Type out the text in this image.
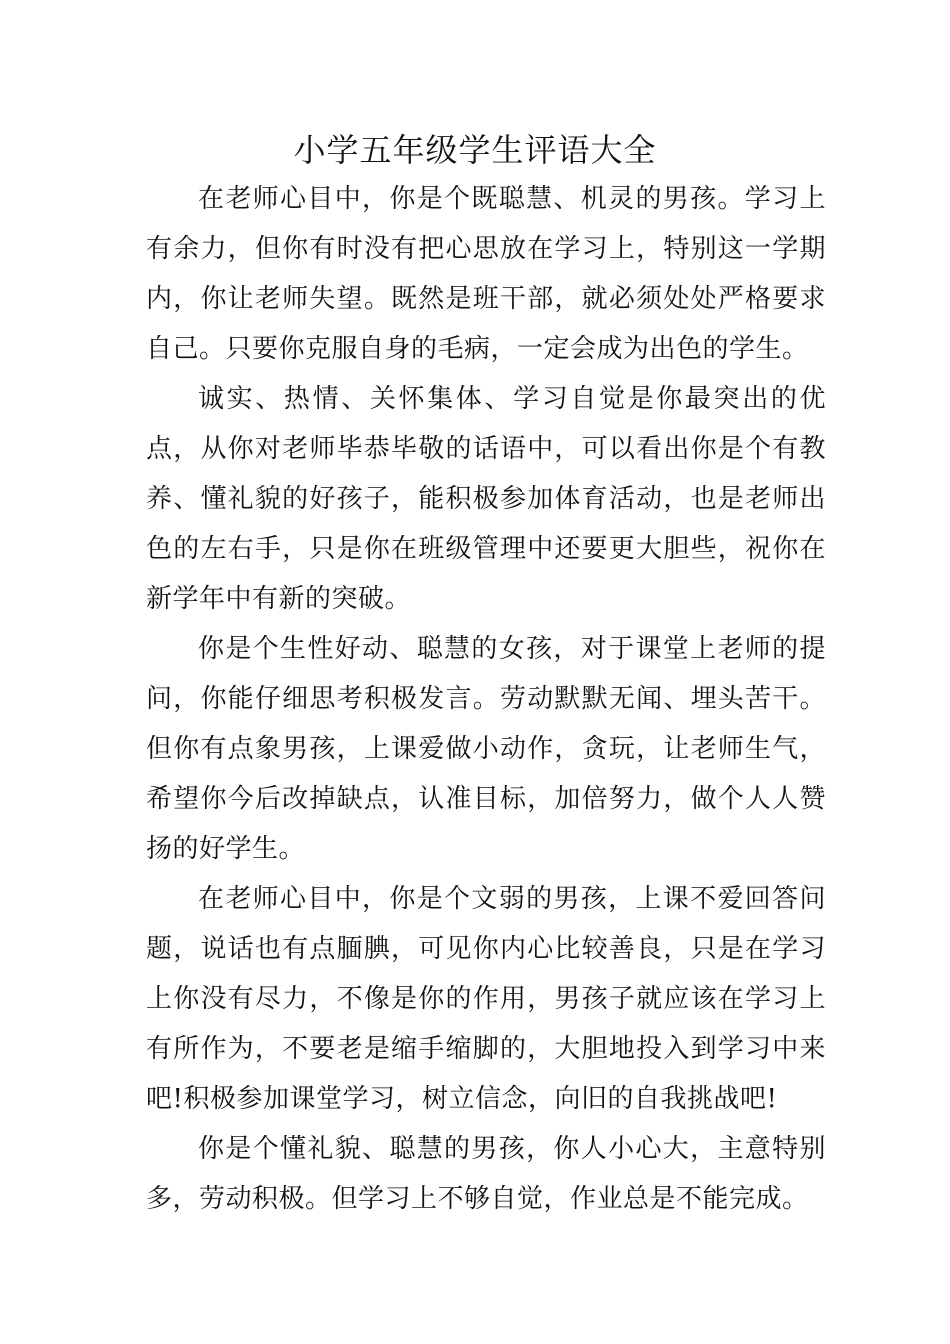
小学五年级学生评语大全

在老师心目中，你是个既聪慧、机灵的男孩。学习上有余力，但你有时没有把心思放在学习上，特别这一学期内，你让老师失望。既然是班干部，就必须处处严格要求自己。只要你克服自身的毛病，一定会成为出色的学生。

诚实、热情、关怀集体、学习自觉是你最突出的优点，从你对老师毕恭毕敬的话语中，可以看出你是个有教养、懂礼貌的好孩子，能积极参加体育活动，也是老师出色的左右手，只是你在班级管理中还要更大胆些，祝你在新学年中有新的突破。

你是个生性好动、聪慧的女孩，对于课堂上老师的提问，你能仔细思考积极发言。劳动默默无闻、埋头苦干。但你有点象男孩，上课爱做小动作，贪玩，让老师生气，希望你今后改掉缺点，认准目标，加倍努力，做个人人赞扬的好学生。

在老师心目中，你是个文弱的男孩，上课不爱回答问题，说话也有点腼腆，可见你内心比较善良，只是在学习上你没有尽力，不像是你的作用，男孩子就应该在学习上有所作为，不要老是缩手缩脚的，大胆地投入到学习中来吧!积极参加课堂学习，树立信念，向旧的自我挑战吧!

你是个懂礼貌、聪慧的男孩，你人小心大，主意特别多，劳动积极。但学习上不够自觉，作业总是不能完成。
